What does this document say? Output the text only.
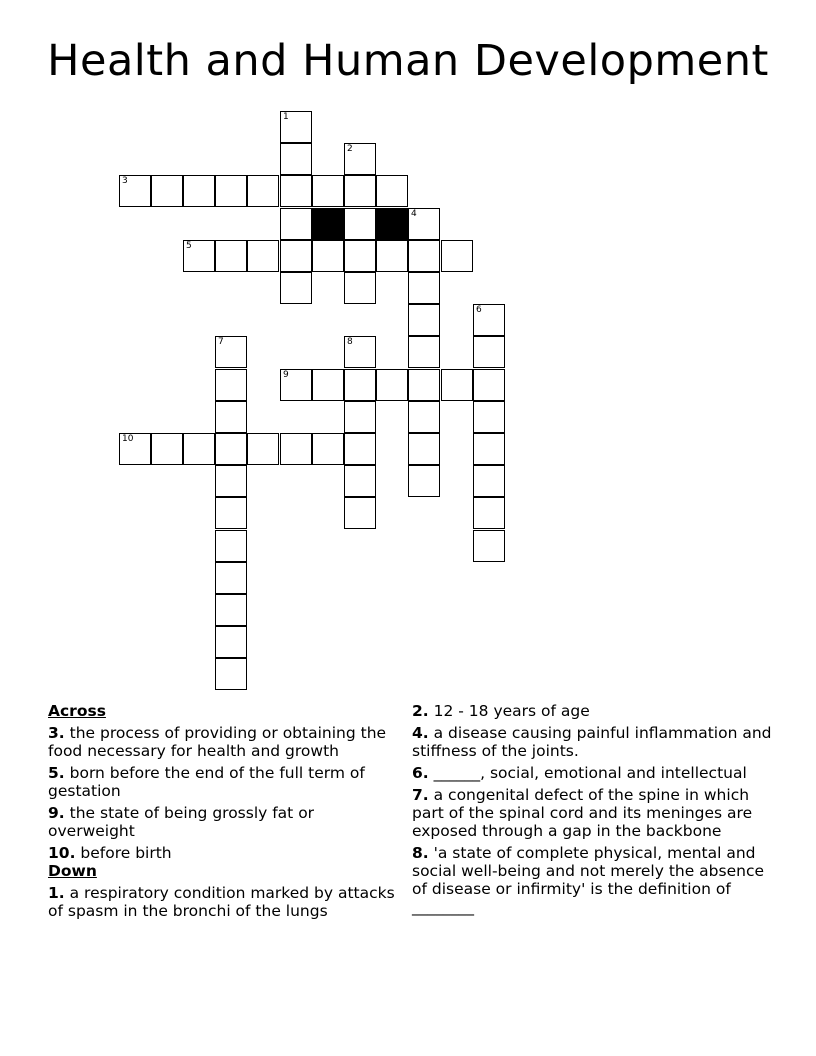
Health and Human Development
1
2
3
4
5
6
7	8
9
10
Across
3. the process of providing or obtaining the food necessary for health and growth
5. born before the end of the full term of gestation
9. the state of being grossly fat or overweight
10. before birth
Down
1. a respiratory condition marked by attacks of spasm in the bronchi of the lungs
2. 12 - 18 years of age
4. a disease causing painful inflammation and stiffness of the joints.
6. ______, social, emotional and intellectual
7. a congenital defect of the spine in which part of the spinal cord and its meninges are exposed through a gap in the backbone
8. 'a state of complete physical, mental and social well-being and not merely the absence of disease or infirmity' is the definition of ________
